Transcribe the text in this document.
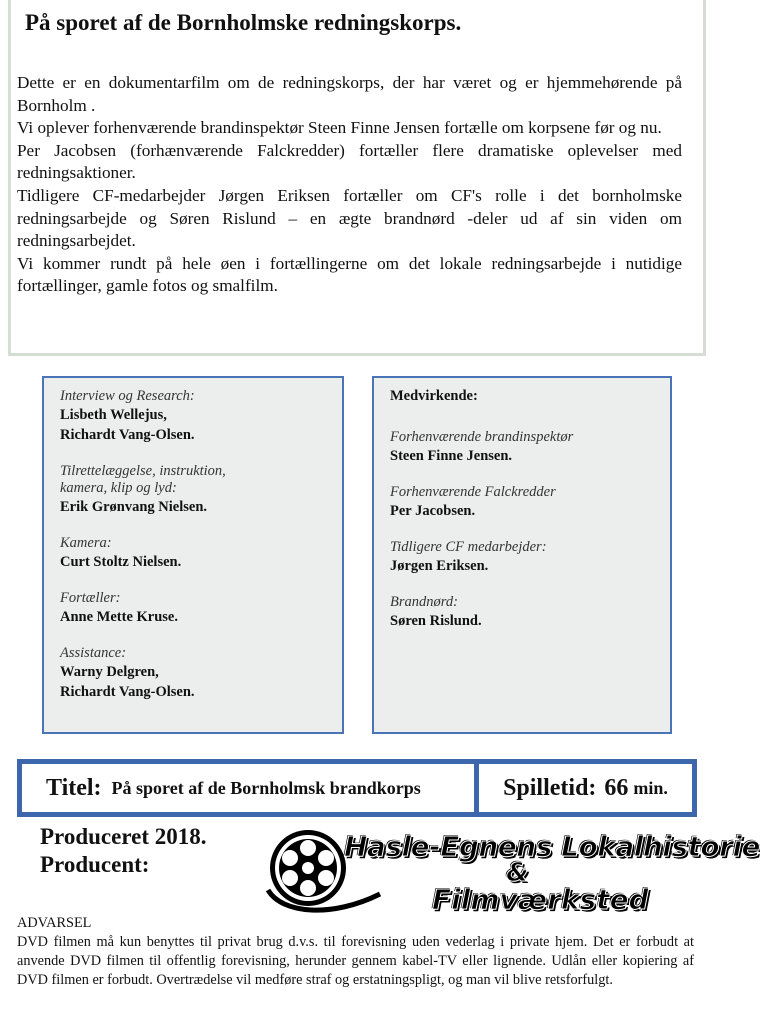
På sporet af de Bornholmske redningskorps.

Dette er en dokumentarfilm om de redningskorps, der har været og er hjemmehørende på Bornholm .

Vi oplever forhenværende brandinspektør Steen Finne Jensen fortælle om korpsene før og nu.

Per Jacobsen (forhænværende Falckredder) fortæller flere dramatiske oplevelser med redningsaktioner.

Tidligere CF-medarbejder Jørgen Eriksen fortæller om CF's rolle i det bornholmske redningsarbejde og Søren Rislund – en ægte brandnørd -deler ud af sin viden om redningsarbejdet.

Vi kommer rundt på hele øen i fortællingerne om det lokale redningsarbejde i nutidige fortællinger, gamle fotos og smalfilm.

Interview og Research:
Lisbeth Wellejus,
Richardt Vang-Olsen.
Tilrettelæggelse, instruktion,
kamera, klip og lyd:
Erik Grønvang Nielsen.
Kamera:
Curt Stoltz Nielsen.
Fortæller:
Anne Mette Kruse.
Assistance:
Warny Delgren,
Richardt Vang-Olsen.
Medvirkende:
Forhenværende brandinspektør
Steen Finne Jensen.
Forhenværende Falckredder
Per Jacobsen.
Tidligere CF medarbejder:
Jørgen Eriksen.
Brandnørd:
Søren Rislund.
Titel: På sporet af de Bornholmsk brandkorps	Spilletid: 66 min.
Produceret 2018.
Producent:
Hasle-Egnens Lokalhistorie
&
Filmværksted

ADVARSEL

DVD filmen må kun benyttes til privat brug d.v.s. til forevisning uden vederlag i private hjem. Det er forbudt at anvende DVD filmen til offentlig forevisning, herunder gennem kabel-TV eller lignende. Udlån eller kopiering af DVD filmen er forbudt. Overtrædelse vil medføre straf og erstatningspligt, og man vil blive retsforfulgt.
